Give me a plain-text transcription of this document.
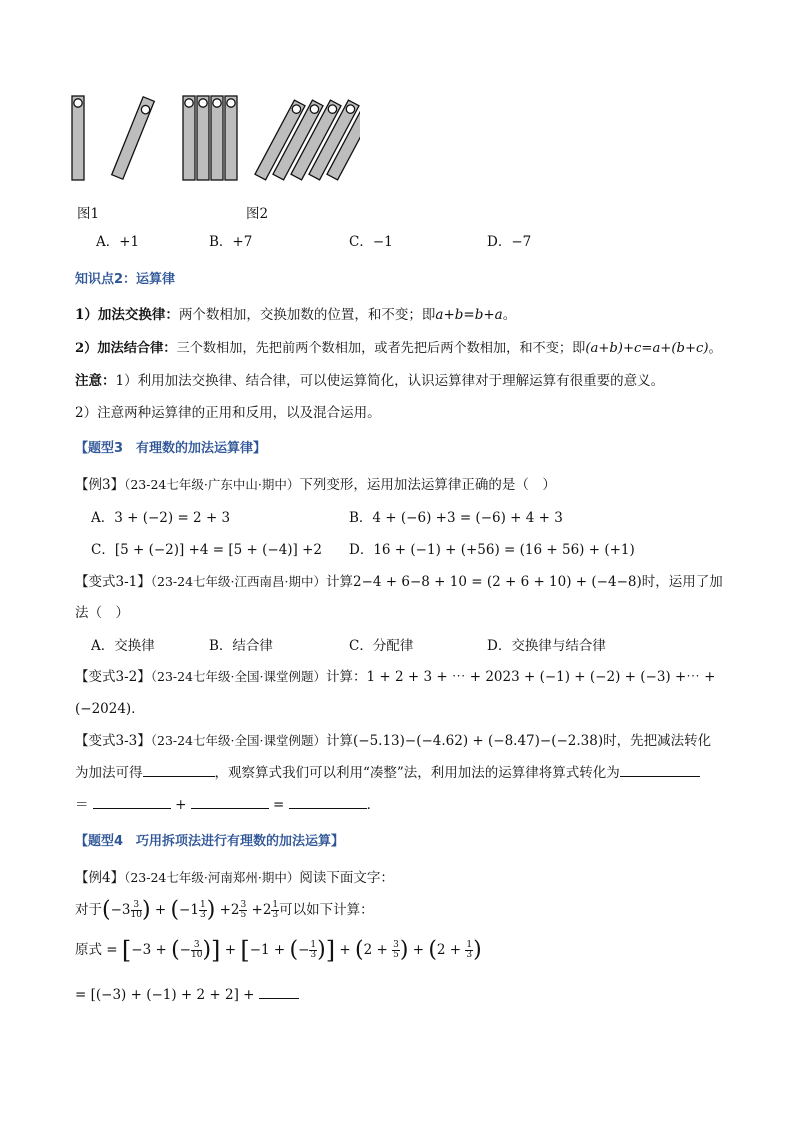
图1	图2
A．+1	B．+7	C．−1	D．−7
知识点2：运算律
1）加法交换律：两个数相加，交换加数的位置，和不变；即a+b=b+a。
2）加法结合律：三个数相加，先把前两个数相加，或者先把后两个数相加，和不变；即(a+b)+c=a+(b+c)。
注意：1）利用加法交换律、结合律，可以使运算简化，认识运算律对于理解运算有很重要的意义。
2）注意两种运算律的正用和反用，以及混合运用。
【题型3　有理数的加法运算律】
【例3】（23-24七年级·广东中山·期中）下列变形，运用加法运算律正确的是（　）
A．3 + (−2) = 2 + 3	B．4 + (−6) +3 = (−6) + 4 + 3
C．[5 + (−2)] +4 = [5 + (−4)] +2 D．16 + (−1) + (+56) = (16 + 56) + (+1)
【变式3-1】（23-24七年级·江西南昌·期中）计算2−4 + 6−8 + 10 = (2 + 6 + 10) + (−4−8)时，运用了加
法（　）
A．交换律	B．结合律	C．分配律	D．交换律与结合律
【变式3-2】（23-24七年级·全国·课堂例题）计算：1 + 2 + 3 + ⋯ + 2023 + (−1) + (−2) + (−3) +⋯ +
(−2024)．
【变式3-3】（23-24七年级·全国·课堂例题）计算(−5.13)−(−4.62) + (−8.47)−(−2.38)时，先把减法转化
为加法可得	，观察算式我们可以利用“凑整”法，利用加法的运算律将算式转化为
＝	+	=	．
【题型4　巧用拆项法进行有理数的加法运算】
【例4】（23-24七年级·河南郑州·期中）阅读下面文字：
对于($-3 \frac{3}{10}$ ) + ($-1 \frac{1}{3}$ ) $+2 \frac{3}{5} +2 \frac{1}{3}$ 可以如下计算：
原式 = [−3 + (− $\frac{3}{10}$ )] + [−1 + (− $\frac{1}{3}$ )] + ($2 + \frac{3}{5}$ ) + ($2 + \frac{1}{3}$ )
= [(−3) + (−1) + 2 + 2] +
